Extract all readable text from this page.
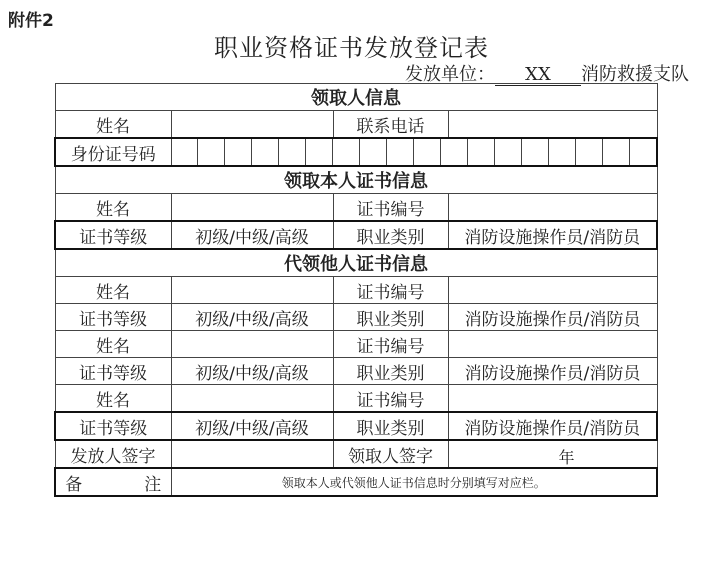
附件2
职业资格证书发放登记表
发放单位： XX 消防救援支队
领取人信息			
姓名		联系电话	
身份证号码			

领取本人证书信息			
姓名		证书编号	
证书等级	初级/中级/高级	职业类别	消防设施操作员/消防员
代领他人证书信息			
姓名		证书编号	
证书等级	初级/中级/高级	职业类别	消防设施操作员/消防员
姓名		证书编号	
证书等级	初级/中级/高级	职业类别	消防设施操作员/消防员
姓名		证书编号	
证书等级	初级/中级/高级	职业类别	消防设施操作员/消防员
发放人签字		领取人签字	年

备 注	领取本人或代领他人证书信息时分别填写对应栏。		
